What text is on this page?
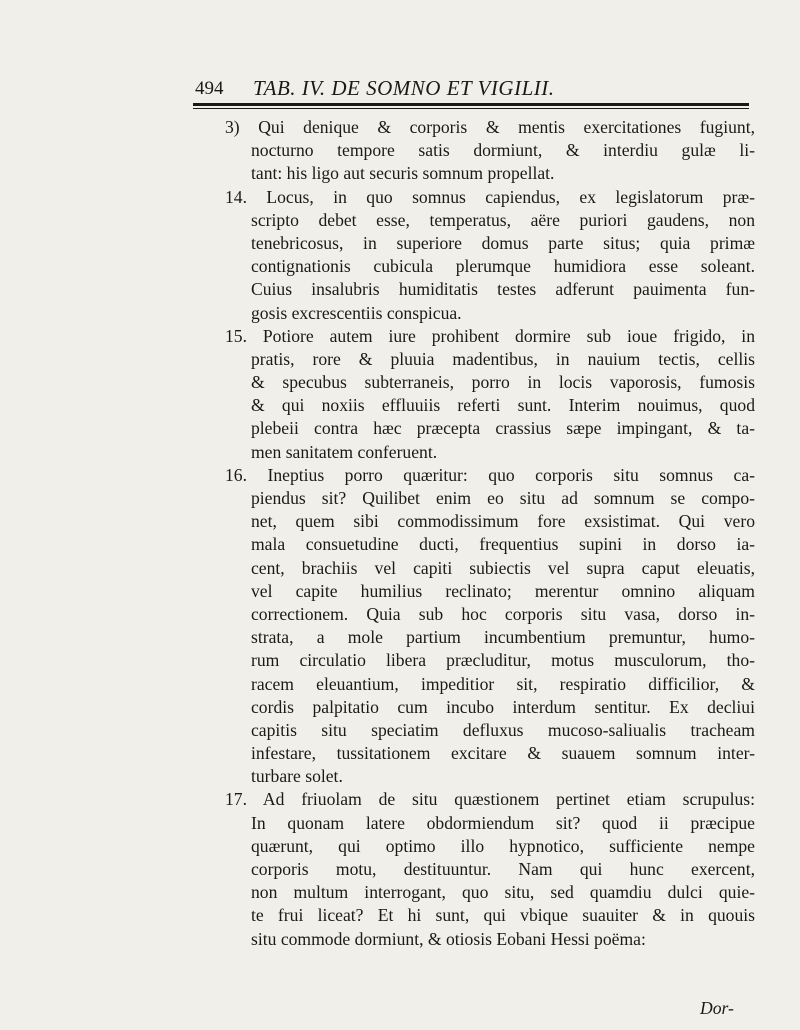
494 TAB. IV. DE SOMNO ET VIGILII.
3) Qui denique & corporis & mentis exercitationes fugiunt,
nocturno tempore satis dormiunt, & interdiu gulæ li-
tant: his ligo aut securis somnum propellat.
14. Locus, in quo somnus capiendus, ex legislatorum præ-
scripto debet esse, temperatus, aëre puriori gaudens, non
tenebricosus, in superiore domus parte situs; quia primæ
contignationis cubicula plerumque humidiora esse soleant.
Cuius insalubris humiditatis testes adferunt pauimenta fun-
gosis excrescentiis conspicua.
15. Potiore autem iure prohibent dormire sub ioue frigido, in
pratis, rore & pluuia madentibus, in nauium tectis, cellis
& specubus subterraneis, porro in locis vaporosis, fumosis
& qui noxiis effluuiis referti sunt. Interim nouimus, quod
plebeii contra hæc præcepta crassius sæpe impingant, & ta-
men sanitatem conferuent.
16. Ineptius porro quæritur: quo corporis situ somnus ca-
piendus sit? Quilibet enim eo situ ad somnum se compo-
net, quem sibi commodissimum fore exsistimat. Qui vero
mala consuetudine ducti, frequentius supini in dorso ia-
cent, brachiis vel capiti subiectis vel supra caput eleuatis,
vel capite humilius reclinato; merentur omnino aliquam
correctionem. Quia sub hoc corporis situ vasa, dorso in-
strata, a mole partium incumbentium premuntur, humo-
rum circulatio libera præcluditur, motus musculorum, tho-
racem eleuantium, impeditior sit, respiratio difficilior, &
cordis palpitatio cum incubo interdum sentitur. Ex decliui
capitis situ speciatim defluxus mucoso-saliualis tracheam
infestare, tussitationem excitare & suauem somnum inter-
turbare solet.
17. Ad friuolam de situ quæstionem pertinet etiam scrupulus:
In quonam latere obdormiendum sit? quod ii præcipue
quærunt, qui optimo illo hypnotico, sufficiente nempe
corporis motu, destituuntur. Nam qui hunc exercent,
non multum interrogant, quo situ, sed quamdiu dulci quie-
te frui liceat? Et hi sunt, qui vbique suauiter & in quouis
situ commode dormiunt, & otiosis Eobani Hessi poëma:
Dor-
